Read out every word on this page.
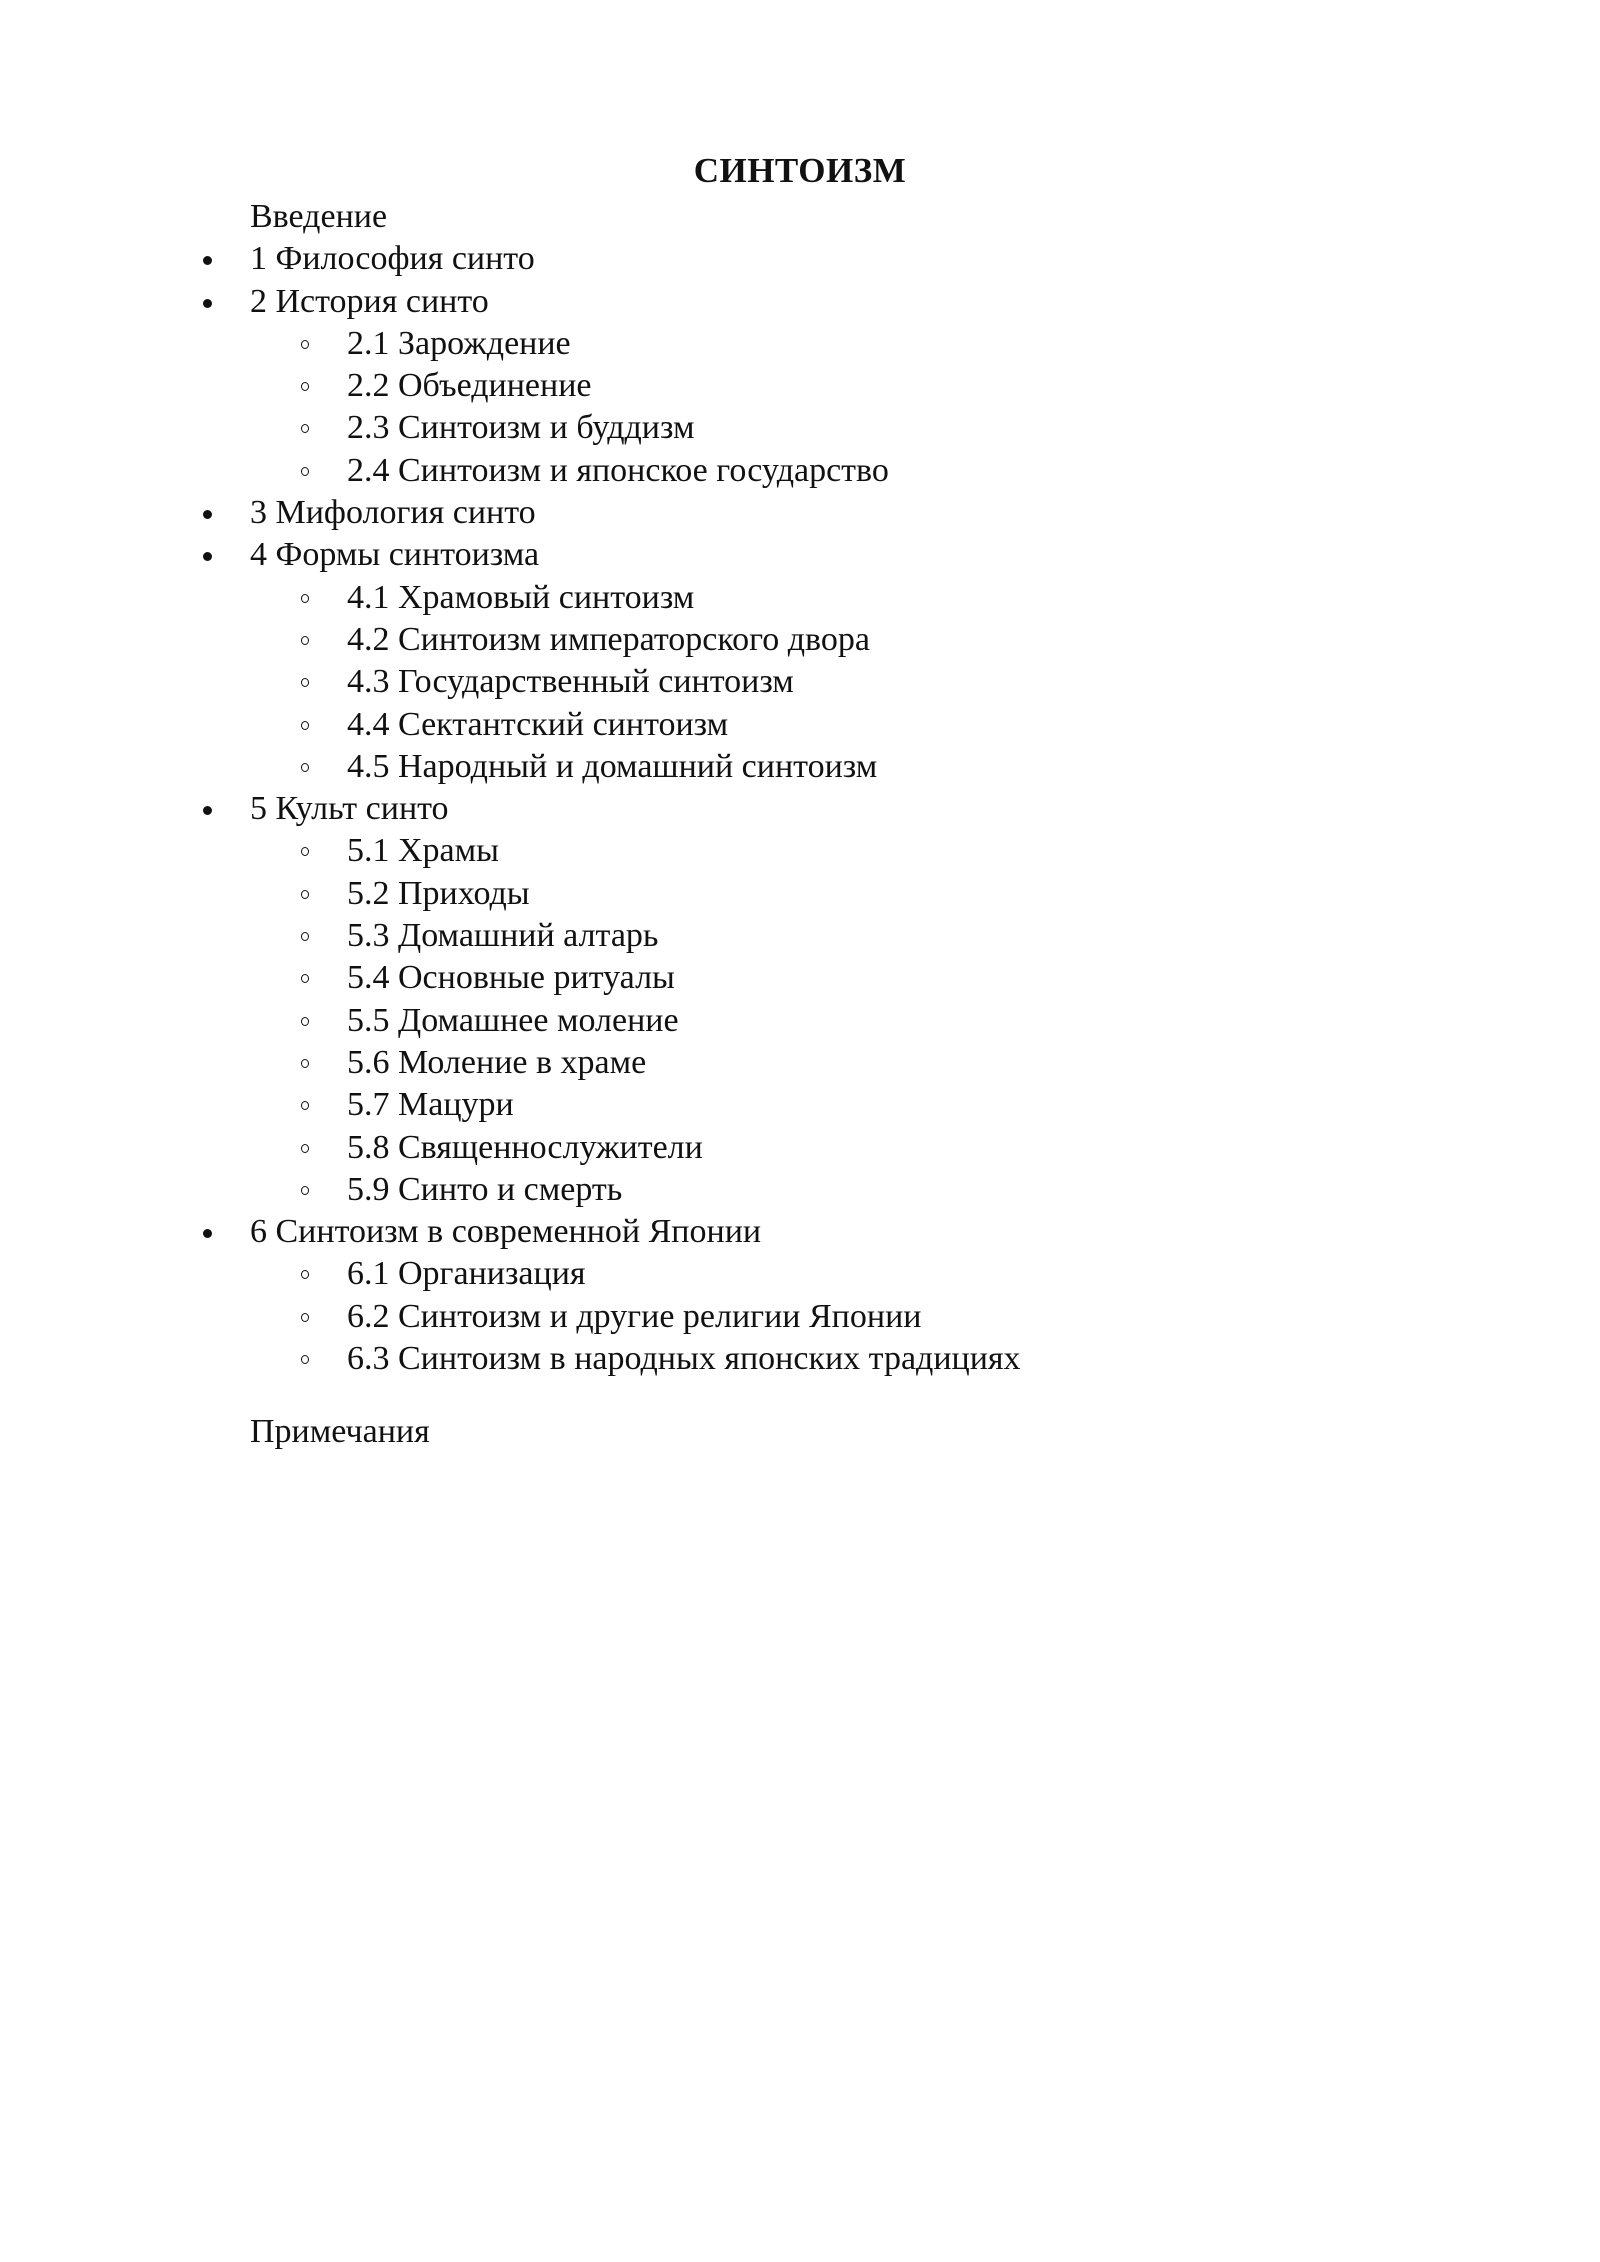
СИНТОИЗМ
Введение
1 Философия синто
2 История синто
2.1 Зарождение
2.2 Объединение
2.3 Синтоизм и буддизм
2.4 Синтоизм и японское государство
3 Мифология синто
4 Формы синтоизма
4.1 Храмовый синтоизм
4.2 Синтоизм императорского двора
4.3 Государственный синтоизм
4.4 Сектантский синтоизм
4.5 Народный и домашний синтоизм
5 Культ синто
5.1 Храмы
5.2 Приходы
5.3 Домашний алтарь
5.4 Основные ритуалы
5.5 Домашнее моление
5.6 Моление в храме
5.7 Мацури
5.8 Священнослужители
5.9 Синто и смерть
6 Синтоизм в современной Японии
6.1 Организация
6.2 Синтоизм и другие религии Японии
6.3 Синтоизм в народных японских традициях
Примечания
